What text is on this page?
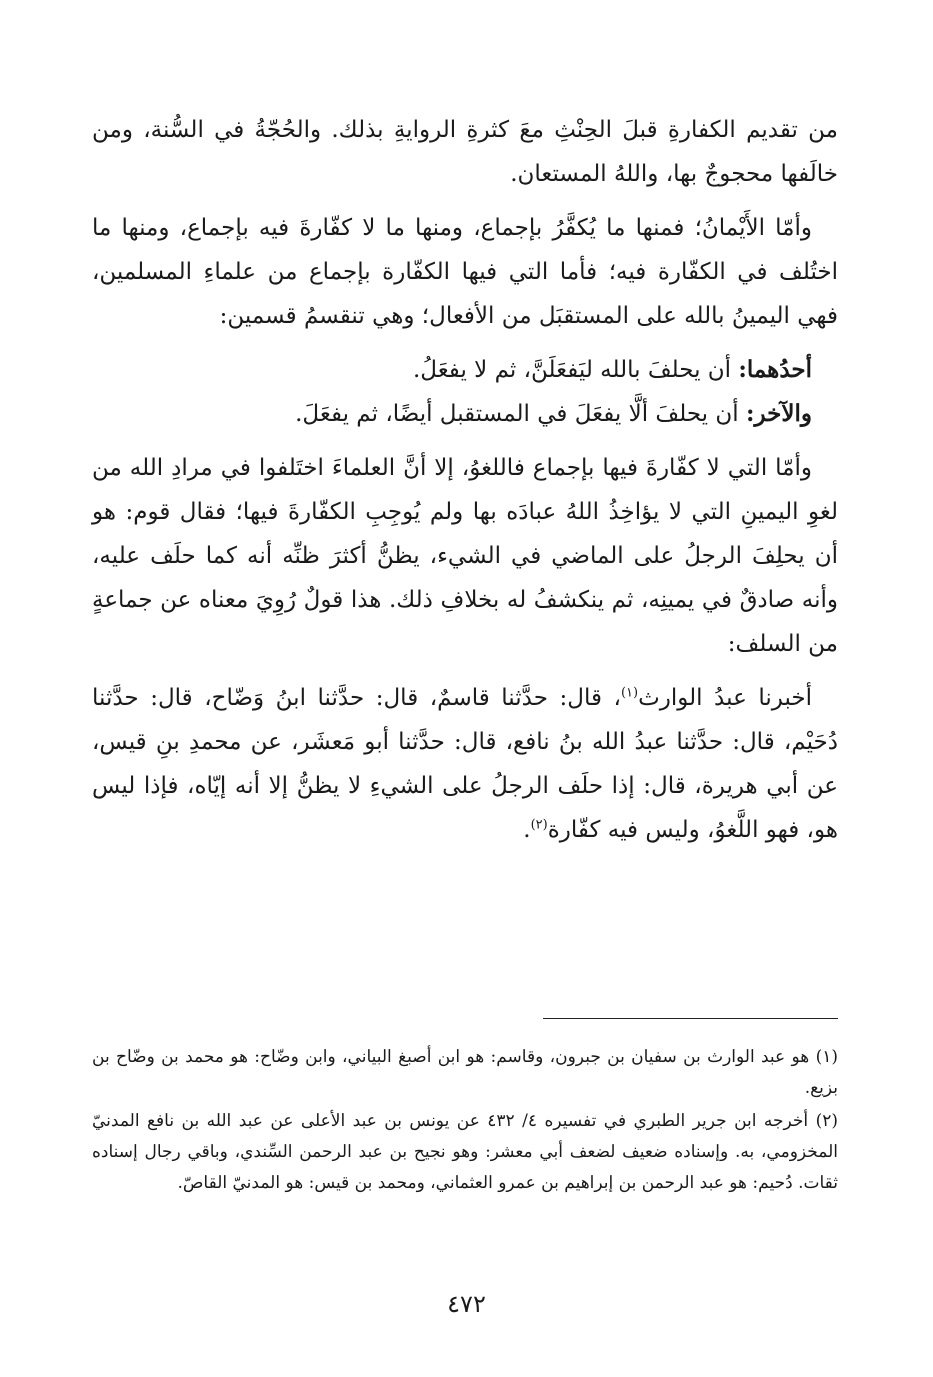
من تقديم الكفارةِ قبلَ الحِنْثِ معَ كثرةِ الروايةِ بذلك. والحُجّةُ في السُّنة، ومن خالَفها محجوجٌ بها، واللهُ المستعان.

وأمّا الأَيْمانُ؛ فمنها ما يُكفَّرُ بإجماع، ومنها ما لا كفّارةَ فيه بإجماع، ومنها ما اختُلف في الكفّارة فيه؛ فأما التي فيها الكفّارة بإجماع من علماءِ المسلمين، فهي اليمينُ بالله على المستقبَل من الأفعال؛ وهي تنقسمُ قسمين:

أحدُهما: أن يحلفَ بالله ليَفعَلَنَّ، ثم لا يفعَلُ.

والآخر: أن يحلفَ ألَّا يفعَلَ في المستقبل أيضًا، ثم يفعَلَ.

وأمّا التي لا كفّارةَ فيها بإجماع فاللغوُ، إلا أنَّ العلماءَ اختَلفوا في مرادِ الله من لغوِ اليمينِ التي لا يؤاخِذُ اللهُ عبادَه بها ولم يُوجِبِ الكفّارةَ فيها؛ فقال قوم: هو أن يحلِفَ الرجلُ على الماضي في الشيء، يظنُّ أكثرَ ظنِّه أنه كما حلَف عليه، وأنه صادقٌ في يمينِه، ثم ينكشفُ له بخلافِ ذلك. هذا قولٌ رُوِيَ معناه عن جماعةٍ من السلف:

أخبرنا عبدُ الوارث$^{(١)}$، قال: حدَّثنا قاسمٌ، قال: حدَّثنا ابنُ وَضّاح، قال: حدَّثنا دُحَيْم، قال: حدَّثنا عبدُ الله بنُ نافع، قال: حدَّثنا أبو مَعشَر، عن محمدِ بنِ قيس، عن أبي هريرة، قال: إذا حلَف الرجلُ على الشيءِ لا يظنُّ إلا أنه إيّاه، فإذا ليس هو، فهو اللَّغوُ، وليس فيه كفّارة$^{(٢)}$.

(١) هو عبد الوارث بن سفيان بن جبرون، وقاسم: هو ابن أصبغ البياني، وابن وضّاح: هو محمد بن وضّاح بن بزيع.

(٢) أخرجه ابن جرير الطبري في تفسيره ٤/ ٤٣٢ عن يونس بن عبد الأعلى عن عبد الله بن نافع المدنيّ المخزومي، به. وإسناده ضعيف لضعف أبي معشر: وهو نجيح بن عبد الرحمن السِّندي، وباقي رجال إسناده ثقات. دُحيم: هو عبد الرحمن بن إبراهيم بن عمرو العثماني، ومحمد بن قيس: هو المدنيّ القاصّ.

٤٧٢
